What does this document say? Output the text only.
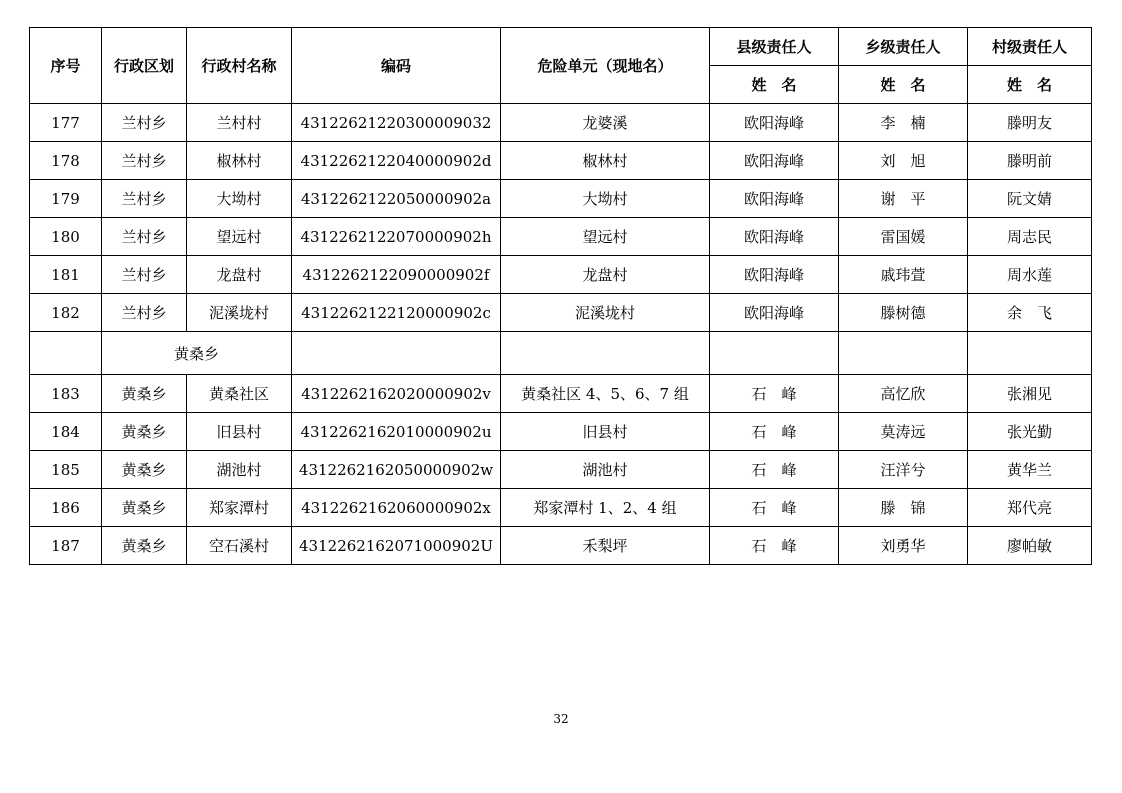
序号	行政区划	行政村名称	编码	危险单元（现地名）	县级责任人	乡级责任人	村级责任人
					姓　名	姓　名	姓　名
177	兰村乡	兰村村	43122621220300009032	龙婆溪	欧阳海峰	李　楠	滕明友
178	兰村乡	椒林村	4312262122040000902d	椒林村	欧阳海峰	刘　旭	滕明前
179	兰村乡	大坳村	4312262122050000902a	大坳村	欧阳海峰	谢　平	阮文婧
180	兰村乡	望远村	4312262122070000902h	望远村	欧阳海峰	雷国媛	周志民
181	兰村乡	龙盘村	4312262122090000902f	龙盘村	欧阳海峰	戚玮萱	周水莲
182	兰村乡	泥溪垅村	4312262122120000902c	泥溪垅村	欧阳海峰	滕树德	余　飞
	黄桑乡						
183	黄桑乡	黄桑社区	4312262162020000902v	黄桑社区 4、5、6、7 组	石　峰	高忆欣	张湘见
184	黄桑乡	旧县村	4312262162010000902u	旧县村	石　峰	莫涛远	张光勤
185	黄桑乡	湖池村	4312262162050000902w	湖池村	石　峰	汪洋兮	黄华兰
186	黄桑乡	郑家潭村	4312262162060000902x	郑家潭村 1、2、4 组	石　峰	滕　锦	郑代亮
187	黄桑乡	空石溪村	4312262162071000902U	禾梨坪	石　峰	刘勇华	廖帕敏
32
